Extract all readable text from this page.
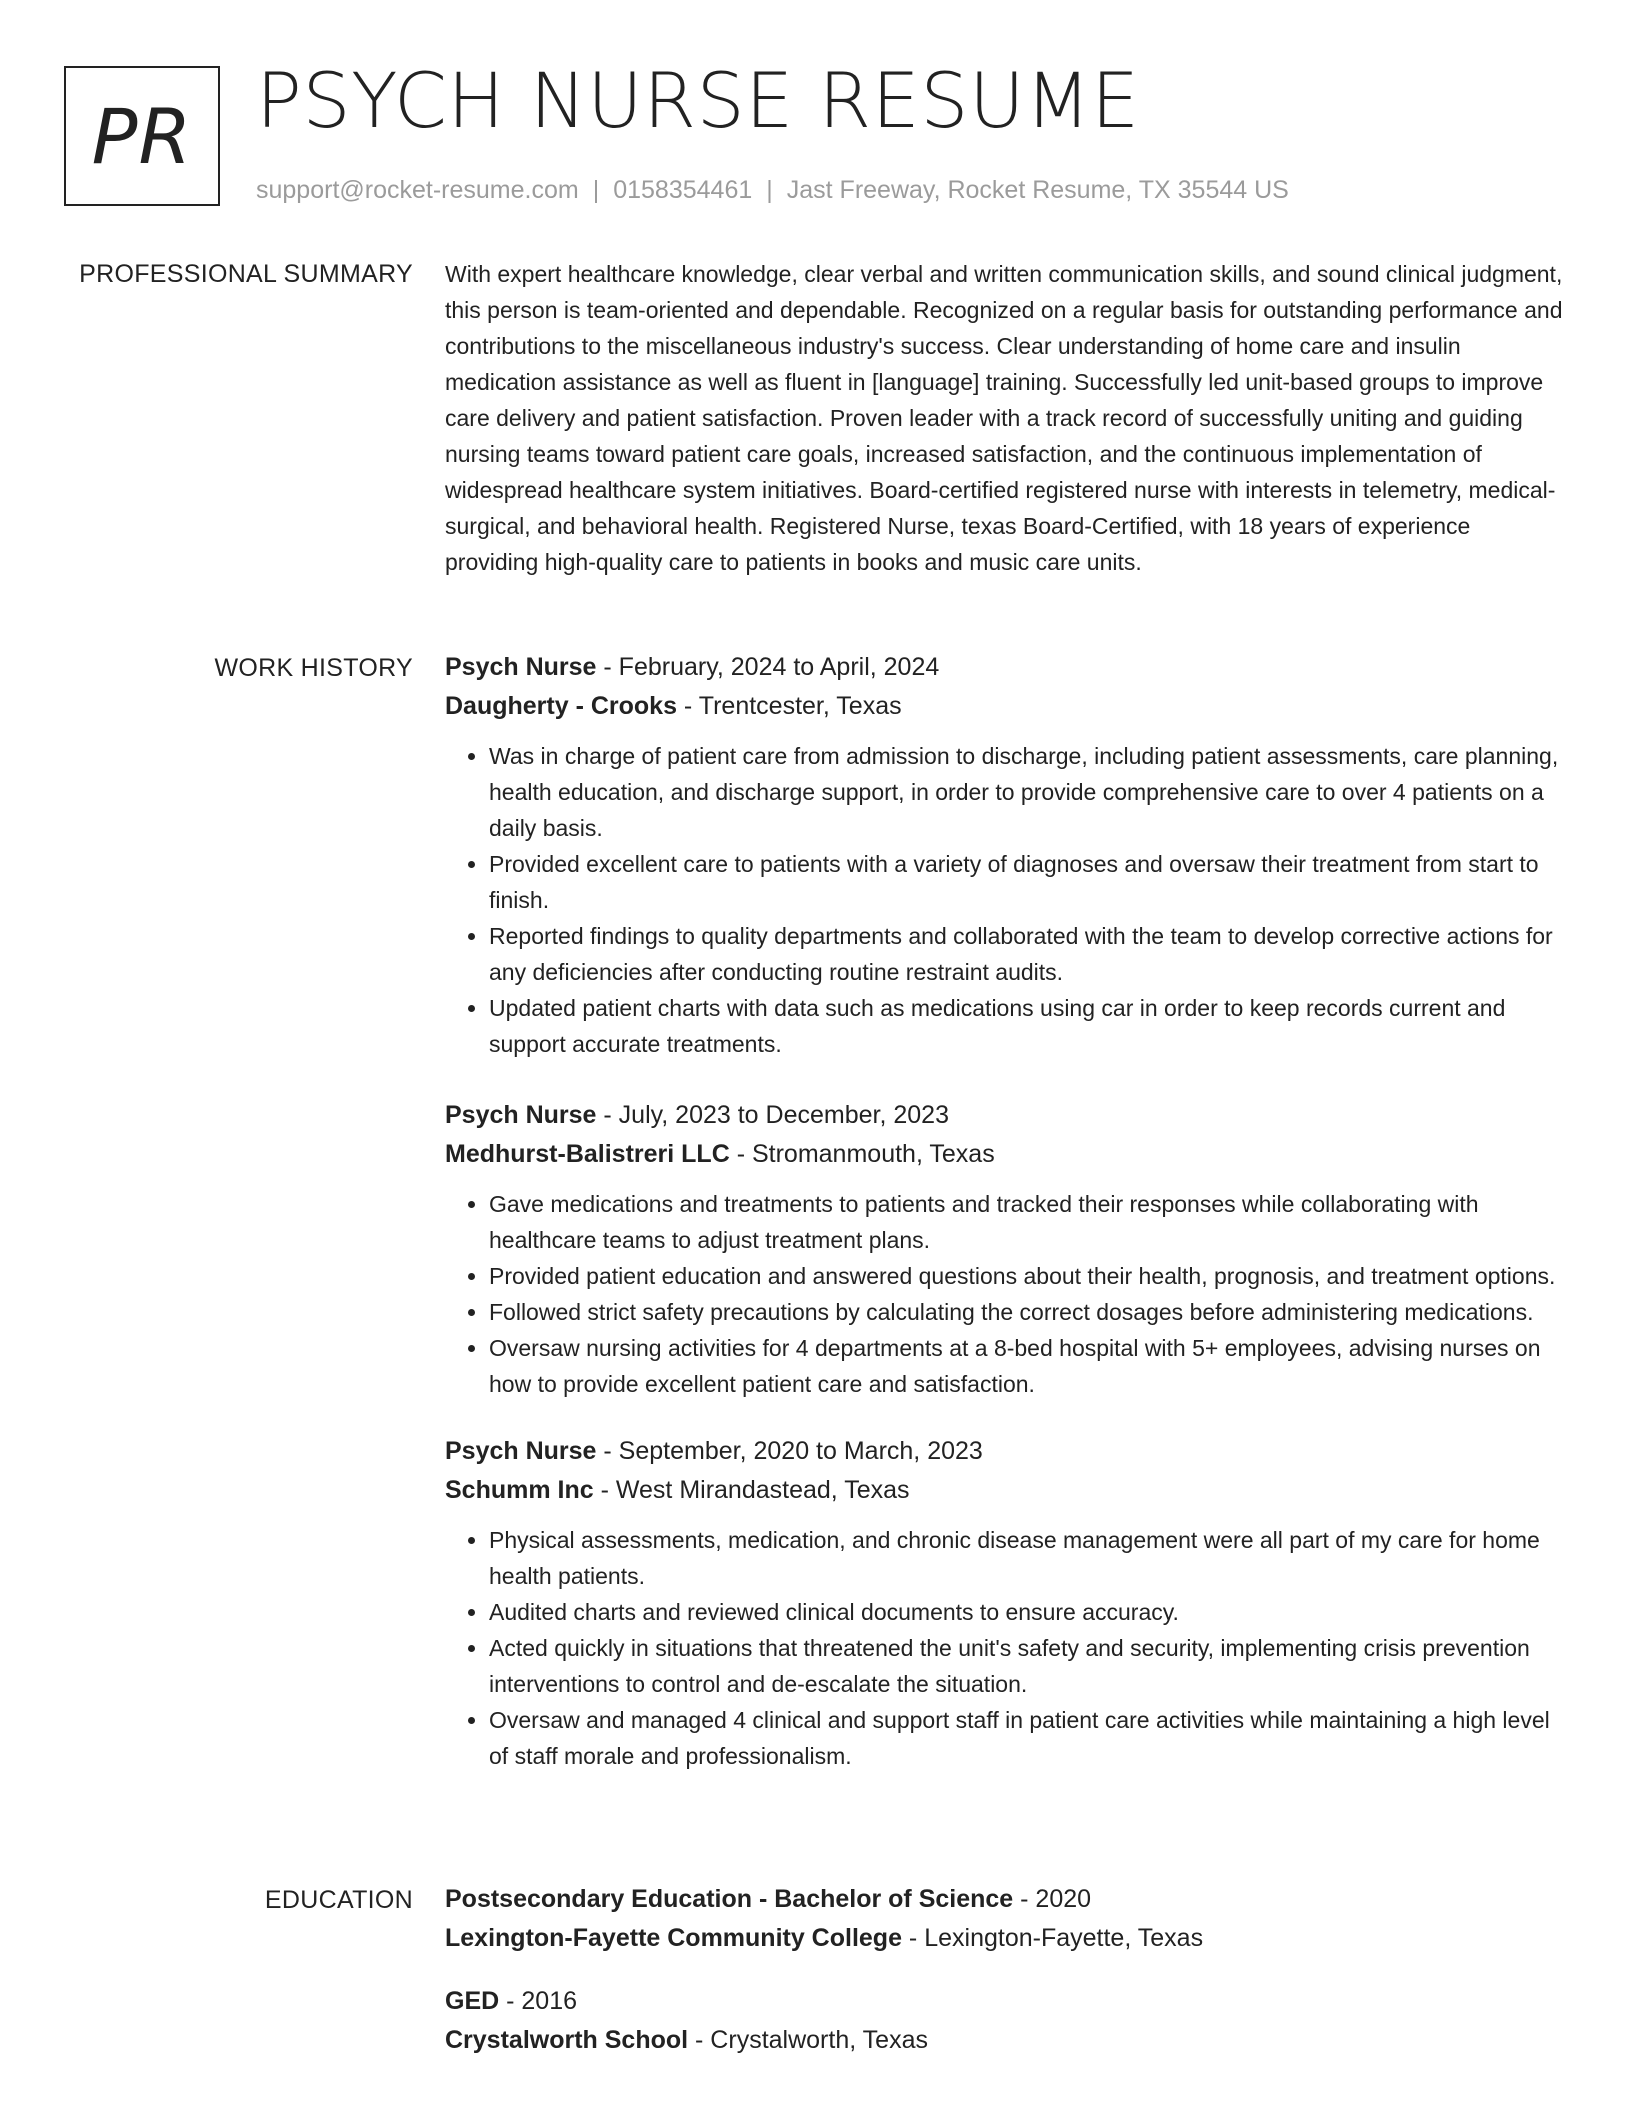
PR PSYCH NURSE RESUME
support@rocket-resume.com | 0158354461 | Jast Freeway, Rocket Resume, TX 35544 US
PROFESSIONAL SUMMARY With expert healthcare knowledge, clear verbal and written communication skills, and sound clinical judgment, this person is team-oriented and dependable. Recognized on a regular basis for outstanding performance and contributions to the miscellaneous industry's success. Clear understanding of home care and insulin medication assistance as well as fluent in [language] training. Successfully led unit-based groups to improve care delivery and patient satisfaction. Proven leader with a track record of successfully uniting and guiding nursing teams toward patient care goals, increased satisfaction, and the continuous implementation of widespread healthcare system initiatives. Board-certified registered nurse with interests in telemetry, medical-surgical, and behavioral health. Registered Nurse, texas Board-Certified, with 18 years of experience providing high-quality care to patients in books and music care units.

WORK HISTORY Psych Nurse - February, 2024 to April, 2024
Daugherty - Crooks - Trentcester, Texas
• Was in charge of patient care from admission to discharge, including patient assessments, care planning, health education, and discharge support, in order to provide comprehensive care to over 4 patients on a daily basis.
• Provided excellent care to patients with a variety of diagnoses and oversaw their treatment from start to finish.
• Reported findings to quality departments and collaborated with the team to develop corrective actions for any deficiencies after conducting routine restraint audits.
• Updated patient charts with data such as medications using car in order to keep records current and support accurate treatments.
Psych Nurse - July, 2023 to December, 2023
Medhurst-Balistreri LLC - Stromanmouth, Texas
• Gave medications and treatments to patients and tracked their responses while collaborating with healthcare teams to adjust treatment plans.
• Provided patient education and answered questions about their health, prognosis, and treatment options.
• Followed strict safety precautions by calculating the correct dosages before administering medications.
• Oversaw nursing activities for 4 departments at a 8-bed hospital with 5+ employees, advising nurses on how to provide excellent patient care and satisfaction.
Psych Nurse - September, 2020 to March, 2023
Schumm Inc - West Mirandastead, Texas
• Physical assessments, medication, and chronic disease management were all part of my care for home health patients.
• Audited charts and reviewed clinical documents to ensure accuracy.
• Acted quickly in situations that threatened the unit's safety and security, implementing crisis prevention interventions to control and de-escalate the situation.
• Oversaw and managed 4 clinical and support staff in patient care activities while maintaining a high level of staff morale and professionalism.
EDUCATION Postsecondary Education - Bachelor of Science - 2020
Lexington-Fayette Community College - Lexington-Fayette, Texas
GED - 2016
Crystalworth School - Crystalworth, Texas
